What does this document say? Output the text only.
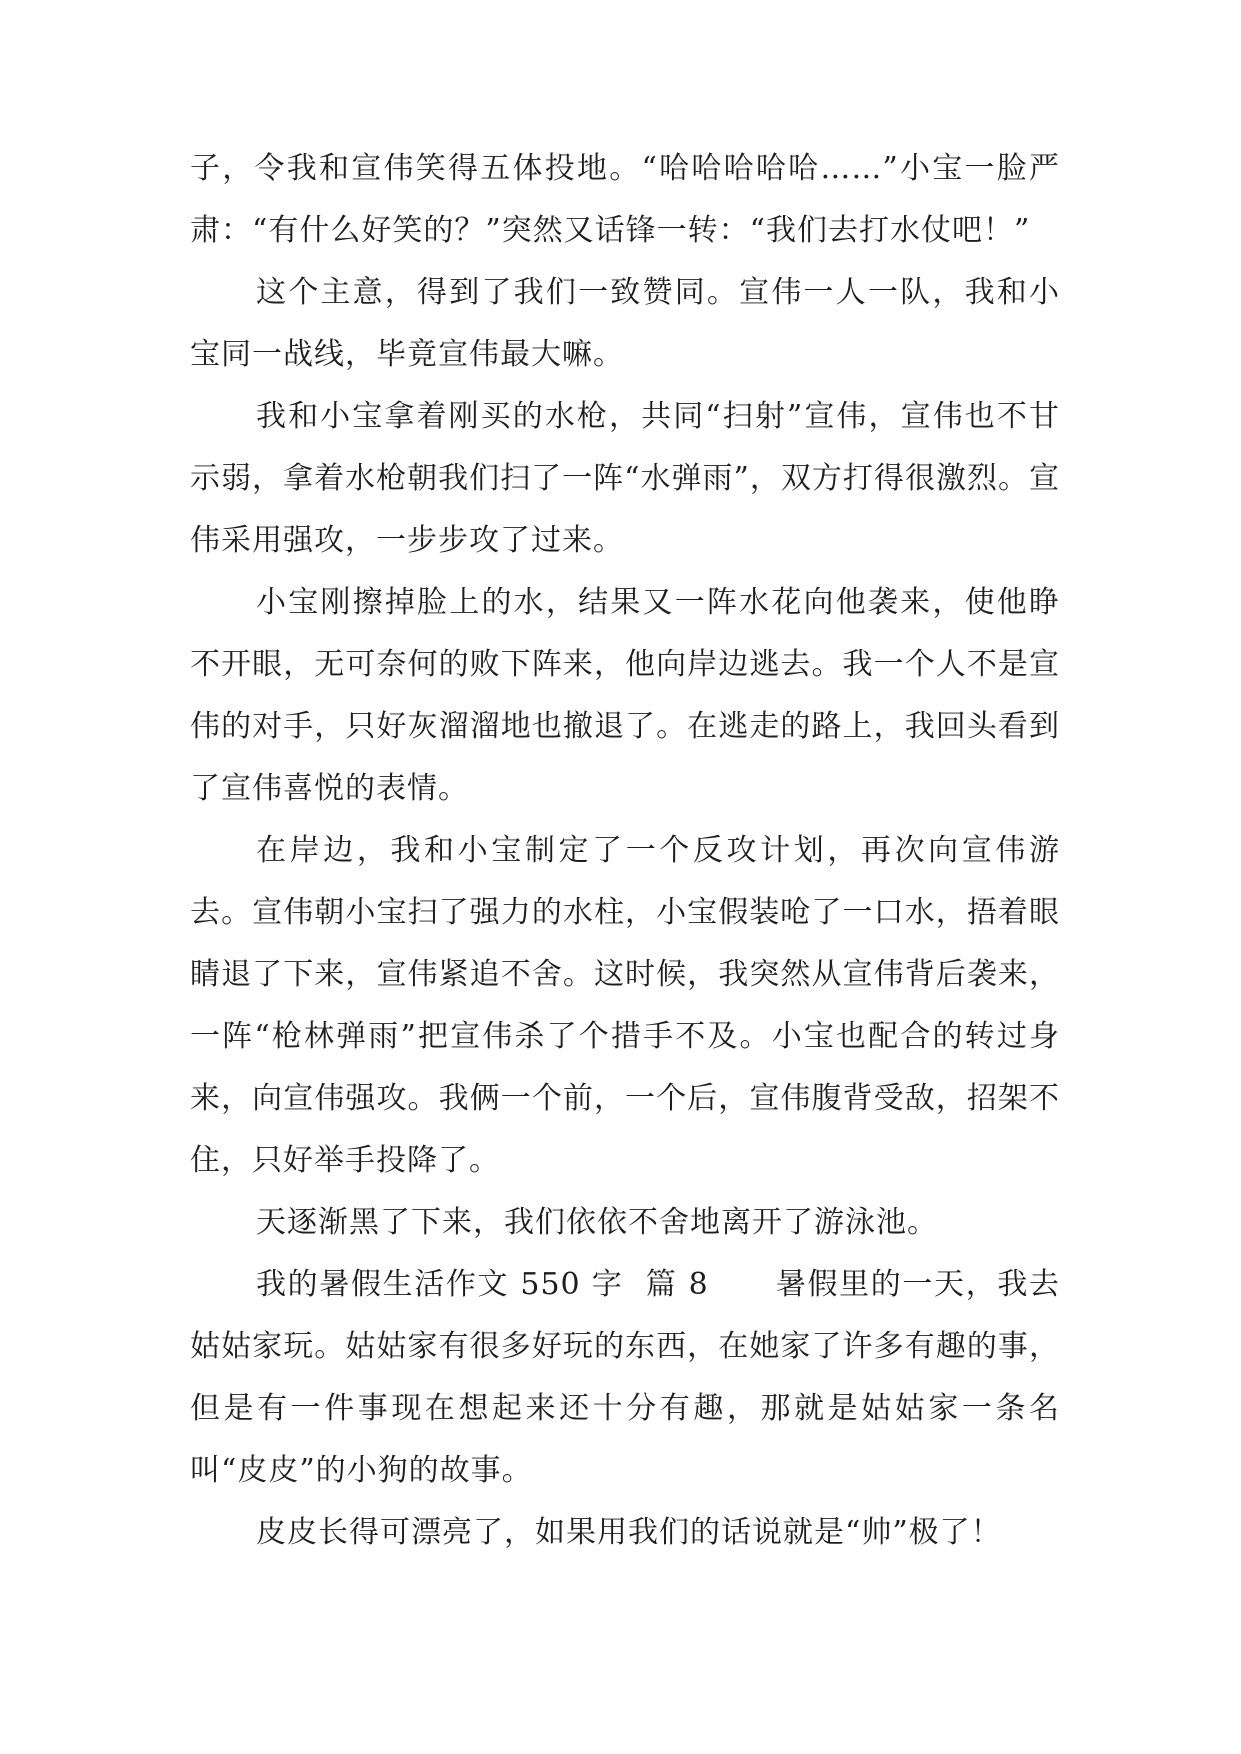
子，令我和宣伟笑得五体投地。“哈哈哈哈哈……”小宝一脸严肃：“有什么好笑的？”突然又话锋一转：“我们去打水仗吧！”

这个主意，得到了我们一致赞同。宣伟一人一队，我和小宝同一战线，毕竟宣伟最大嘛。

我和小宝拿着刚买的水枪，共同“扫射”宣伟，宣伟也不甘示弱，拿着水枪朝我们扫了一阵“水弹雨”，双方打得很激烈。宣伟采用强攻，一步步攻了过来。

小宝刚擦掉脸上的水，结果又一阵水花向他袭来，使他睁不开眼，无可奈何的败下阵来，他向岸边逃去。我一个人不是宣伟的对手，只好灰溜溜地也撤退了。在逃走的路上，我回头看到了宣伟喜悦的表情。

在岸边，我和小宝制定了一个反攻计划，再次向宣伟游去。宣伟朝小宝扫了强力的水柱，小宝假装呛了一口水，捂着眼睛退了下来，宣伟紧追不舍。这时候，我突然从宣伟背后袭来，一阵“枪林弹雨”把宣伟杀了个措手不及。小宝也配合的转过身来，向宣伟强攻。我俩一个前，一个后，宣伟腹背受敌，招架不住，只好举手投降了。

天逐渐黑了下来，我们依依不舍地离开了游泳池。

我的暑假生活作文 550 字  篇 8      暑假里的一天，我去姑姑家玩。姑姑家有很多好玩的东西，在她家了许多有趣的事，但是有一件事现在想起来还十分有趣，那就是姑姑家一条名叫“皮皮”的小狗的故事。

皮皮长得可漂亮了，如果用我们的话说就是“帅”极了！
